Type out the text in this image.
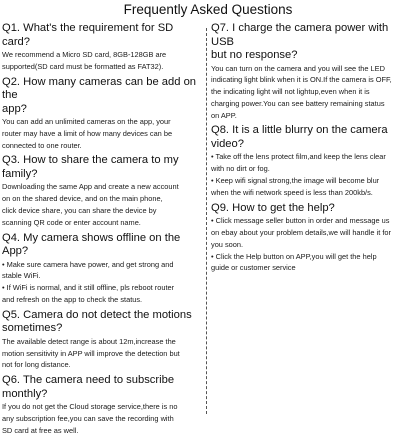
Frequently Asked Questions
Q1. What's the requirement for SD card?
We recommend a Micro SD card, 8GB-128GB are
supported(SD card must be formatted as FAT32).
Q2. How many cameras can be add on the
app?
You can add an unlimited cameras on the app, your
router may have a limit of how many devices can be
connected to one router.
Q3. How to share the camera to my family?
Downloading the same App and create a new account
on on the shared device, and on the main phone,
click device share, you can share the device by
scanning QR code or enter account name.
Q4. My camera shows offline on the App?
• Make sure camera have power, and get strong and
stable WiFi.
• If WiFi is normal, and it still offline, pls reboot router
and refresh on the app to check the status.
Q5. Camera do not detect the motions
sometimes?
The available detect range is about 12m,increase the
motion sensitivity in APP will improve the detection but
not for long distance.
Q6. The camera need to subscribe monthly?
If you do not get the Cloud storage service,there is no
any subscription fee,you can save the recording with
SD card at free as well.
Q7. I charge the camera power with USB
but no response?
You can turn on the camera and you will see the LED
indicating light blink when it is ON.If the camera is OFF,
the indicating light will not lightup,even when it is
charging power.You can see battery remaining status
on APP.
Q8. It is a little blurry on the camera video?
• Take off the lens protect film,and keep the lens clear
with no dirt or fog.
• Keep wifi signal strong,the image will become blur
when the wifi network speed is less than 200kb/s.
Q9. How to get the help?
• Click message seller button in order and message us
on ebay about your problem details,we will handle it for
you soon.
• Click the Help button on APP,you will get the help
guide or customer service
